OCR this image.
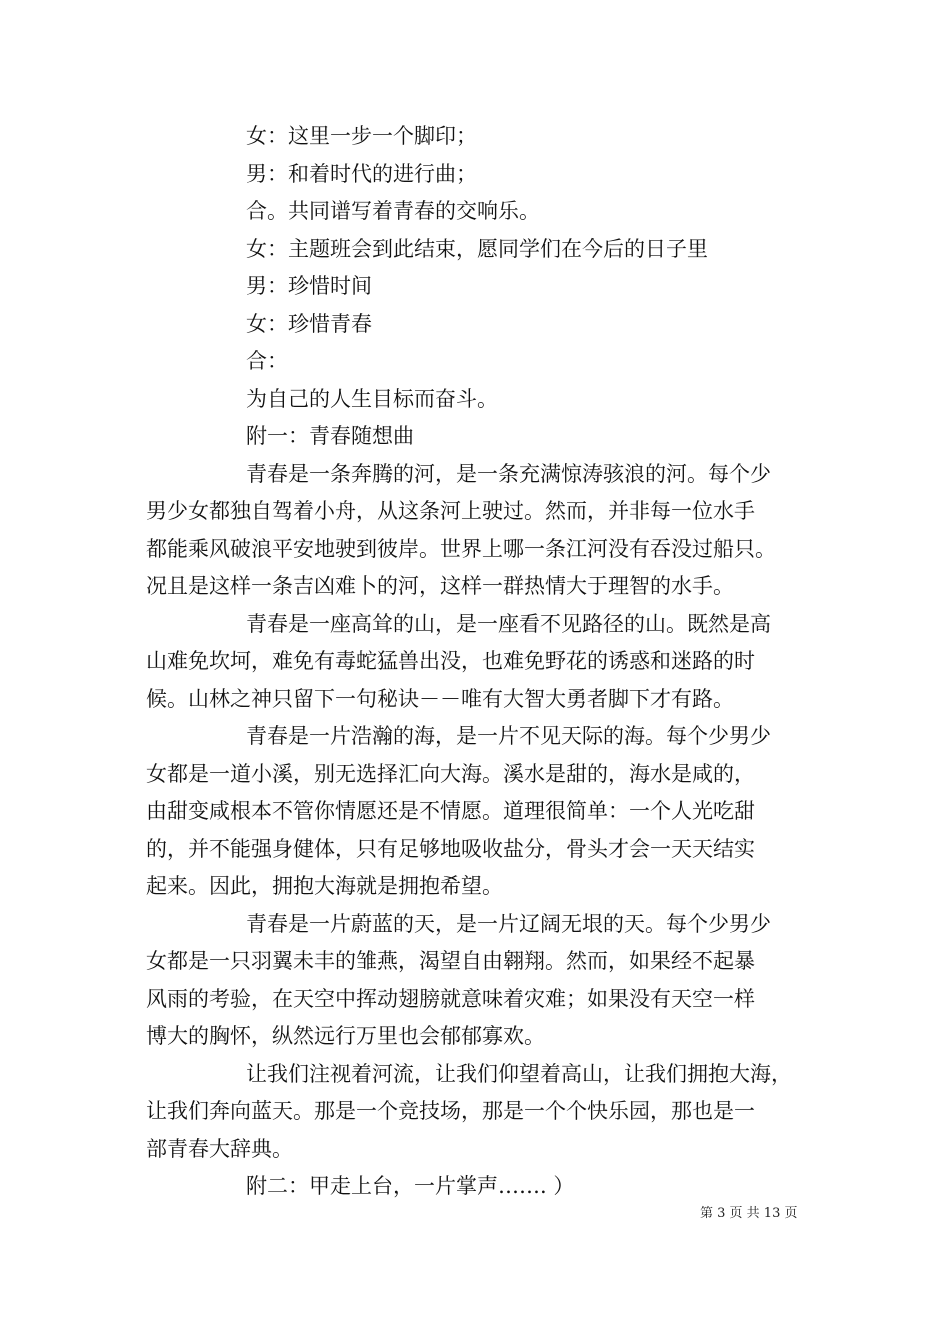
女：这里一步一个脚印；
男：和着时代的进行曲；
合。共同谱写着青春的交响乐。
女：主题班会到此结束，愿同学们在今后的日子里
男：珍惜时间
女：珍惜青春
合：
为自己的人生目标而奋斗。
附一：青春随想曲
青春是一条奔腾的河，是一条充满惊涛骇浪的河。每个少
男少女都独自驾着小舟，从这条河上驶过。然而，并非每一位水手
都能乘风破浪平安地驶到彼岸。世界上哪一条江河没有吞没过船只。
况且是这样一条吉凶难卜的河，这样一群热情大于理智的水手。
青春是一座高耸的山，是一座看不见路径的山。既然是高
山难免坎坷，难免有毒蛇猛兽出没，也难免野花的诱惑和迷路的时
候。山林之神只留下一句秘诀－－唯有大智大勇者脚下才有路。
青春是一片浩瀚的海，是一片不见天际的海。每个少男少
女都是一道小溪，别无选择汇向大海。溪水是甜的，海水是咸的，
由甜变咸根本不管你情愿还是不情愿。道理很简单：一个人光吃甜
的，并不能强身健体，只有足够地吸收盐分，骨头才会一天天结实
起来。因此，拥抱大海就是拥抱希望。
青春是一片蔚蓝的天，是一片辽阔无垠的天。每个少男少
女都是一只羽翼未丰的雏燕，渴望自由翱翔。然而，如果经不起暴
风雨的考验，在天空中挥动翅膀就意味着灾难；如果没有天空一样
博大的胸怀，纵然远行万里也会郁郁寡欢。
让我们注视着河流，让我们仰望着高山，让我们拥抱大海，
让我们奔向蓝天。那是一个竞技场，那是一个个快乐园，那也是一
部青春大辞典。
附二：甲走上台，一片掌声……. ）
第 3 页 共 13 页
